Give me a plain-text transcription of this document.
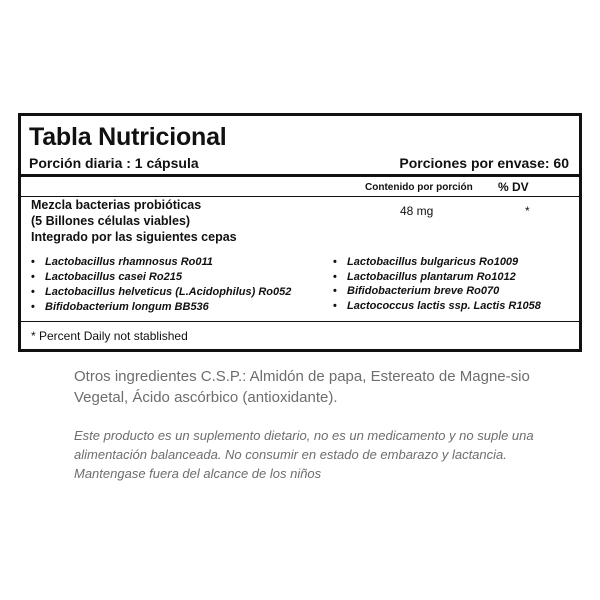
Tabla Nutricional
Porción diaria : 1 cápsula	Porciones por envase: 60
Contenido por porción % DV
Mezcla bacterias probióticas
(5 Billones células viables)
Integrado por las siguientes cepas
48 mg	*
• Lactobacillus rhamnosus Ro011
• Lactobacillus casei Ro215
• Lactobacillus helveticus (L.Acidophilus) Ro052
• Bifidobacterium longum BB536
• Lactobacillus bulgaricus Ro1009
• Lactobacillus plantarum Ro1012
• Bifidobacterium breve Ro070
• Lactococcus lactis ssp. Lactis R1058
* Percent Daily not stablished

Otros ingredientes C.S.P.: Almidón de papa, Estereato de Magne-sio Vegetal, Ácido ascórbico (antioxidante).

Este producto es un suplemento dietario, no es un medicamento y no suple una alimentación balanceada. No consumir en estado de embarazo y lactancia. Mantengase fuera del alcance de los niños
